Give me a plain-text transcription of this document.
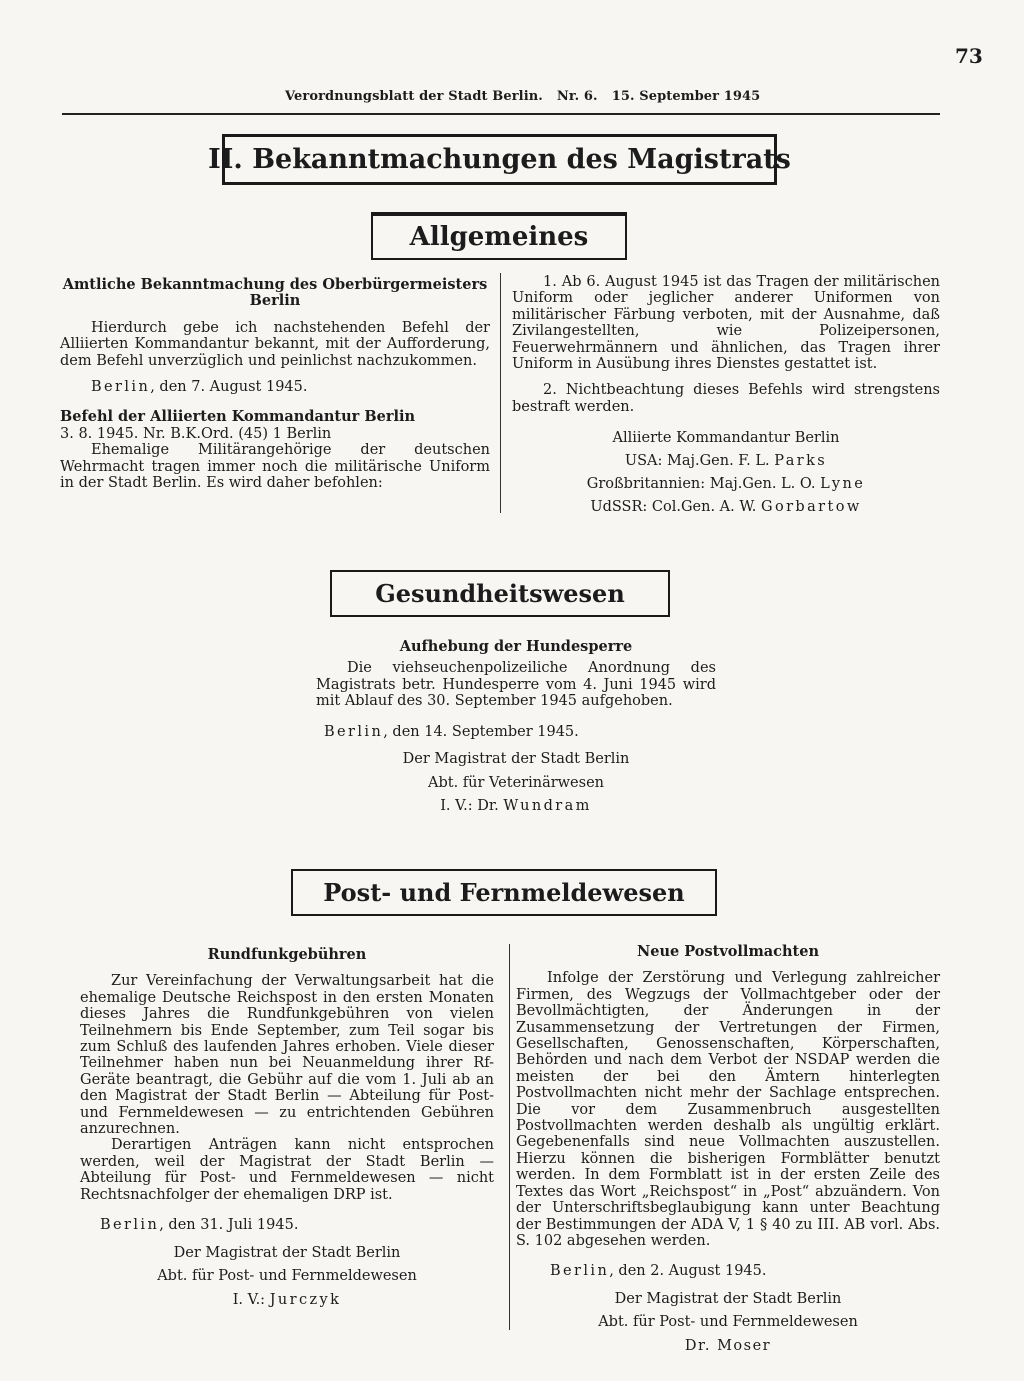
73
Verordnungsblatt der Stadt Berlin. Nr. 6. 15. September 1945
II. Bekanntmachungen des Magistrats
Allgemeines

Amtliche Bekanntmachung des Oberbürgermeisters

Berlin

Hierdurch gebe ich nachstehenden Befehl der Alliierten Kommandantur bekannt, mit der Aufforderung, dem Befehl unverzüglich und peinlichst nachzukommen.

Berlin, den 7. August 1945.

Befehl der Alliierten Kommandantur Berlin

3. 8. 1945. Nr. B.K.Ord. (45) 1 Berlin

Ehemalige Militärangehörige der deutschen Wehrmacht tragen immer noch die militärische Uniform in der Stadt Berlin. Es wird daher befohlen:

1. Ab 6. August 1945 ist das Tragen der militärischen Uniform oder jeglicher anderer Uniformen von militärischer Färbung verboten, mit der Ausnahme, daß Zivilangestellten, wie Polizeipersonen, Feuerwehrmännern und ähnlichen, das Tragen ihrer Uniform in Ausübung ihres Dienstes gestattet ist.

2. Nichtbeachtung dieses Befehls wird strengstens bestraft werden.

Alliierte Kommandantur Berlin

USA: Maj.Gen. F. L. Parks

Großbritannien: Maj.Gen. L. O. Lyne

UdSSR: Col.Gen. A. W. Gorbartow

Gesundheitswesen

Aufhebung der Hundesperre

Die viehseuchenpolizeiliche Anordnung des Magistrats betr. Hundesperre vom 4. Juni 1945 wird mit Ablauf des 30. September 1945 aufgehoben.

Berlin, den 14. September 1945.

Der Magistrat der Stadt Berlin

Abt. für Veterinärwesen

I. V.: Dr. Wundram

Post- und Fernmeldewesen

Rundfunkgebühren

Zur Vereinfachung der Verwaltungsarbeit hat die ehemalige Deutsche Reichspost in den ersten Monaten dieses Jahres die Rundfunkgebühren von vielen Teilnehmern bis Ende September, zum Teil sogar bis zum Schluß des laufenden Jahres erhoben. Viele dieser Teilnehmer haben nun bei Neuanmeldung ihrer Rf-Geräte beantragt, die Gebühr auf die vom 1. Juli ab an den Magistrat der Stadt Berlin — Abteilung für Post- und Fernmeldewesen — zu entrichtenden Gebühren anzurechnen.

Derartigen Anträgen kann nicht entsprochen werden, weil der Magistrat der Stadt Berlin — Abteilung für Post- und Fernmeldewesen — nicht Rechtsnachfolger der ehemaligen DRP ist.

Berlin, den 31. Juli 1945.

Der Magistrat der Stadt Berlin

Abt. für Post- und Fernmeldewesen

I. V.: Jurczyk

Neue Postvollmachten

Infolge der Zerstörung und Verlegung zahlreicher Firmen, des Wegzugs der Vollmachtgeber oder der Bevollmächtigten, der Änderungen in der Zusammensetzung der Vertretungen der Firmen, Gesellschaften, Genossenschaften, Körperschaften, Behörden und nach dem Verbot der NSDAP werden die meisten der bei den Ämtern hinterlegten Postvollmachten nicht mehr der Sachlage entsprechen. Die vor dem Zusammenbruch ausgestellten Postvollmachten werden deshalb als ungültig erklärt. Gegebenenfalls sind neue Vollmachten auszustellen. Hierzu können die bisherigen Formblätter benutzt werden. In dem Formblatt ist in der ersten Zeile des Textes das Wort „Reichspost“ in „Post“ abzuändern. Von der Unterschriftsbeglaubigung kann unter Beachtung der Bestimmungen der ADA V, 1 § 40 zu III. AB vorl. Abs. S. 102 abgesehen werden.

Berlin, den 2. August 1945.

Der Magistrat der Stadt Berlin

Abt. für Post- und Fernmeldewesen

Dr. Moser
